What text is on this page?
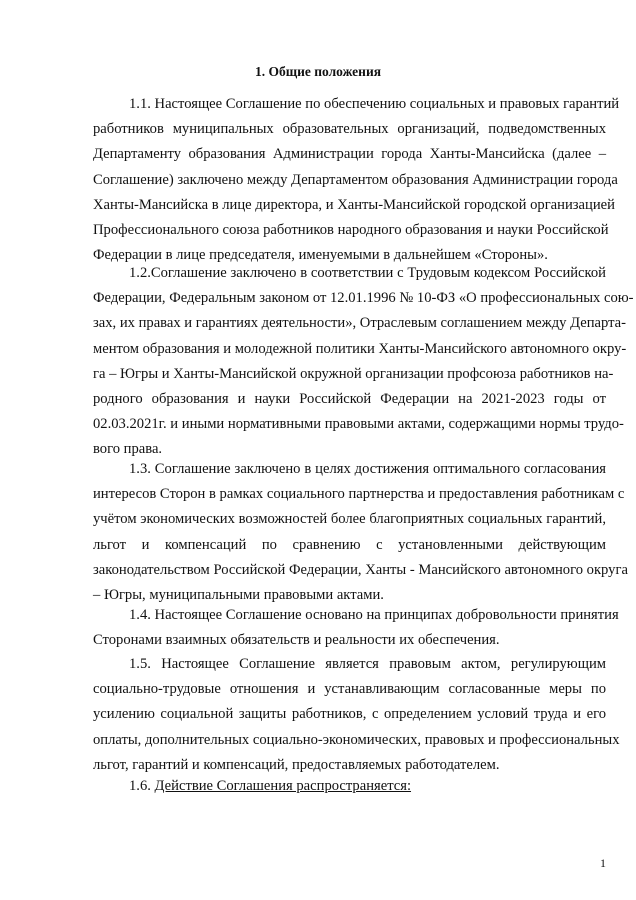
1. Общие положения
1.1. Настоящее Соглашение по обеспечению социальных и правовых гарантий
работников муниципальных образовательных организаций, подведомственных
Департаменту образования Администрации города Ханты-Мансийска (далее –
Соглашение) заключено между Департаментом образования Администрации города
Ханты-Мансийска в лице директора, и Ханты-Мансийской городской организацией
Профессионального союза работников народного образования и науки Российской
Федерации в лице председателя, именуемыми в дальнейшем «Стороны».
1.2.Соглашение заключено в соответствии с Трудовым кодексом Российской
Федерации, Федеральным законом от 12.01.1996 № 10-ФЗ «О профессиональных сою-
зах, их правах и гарантиях деятельности», Отраслевым соглашением между Департа-
ментом образования и молодежной политики Ханты-Мансийского автономного окру-
га – Югры и Ханты-Мансийской окружной организации профсоюза работников на-
родного образования и науки Российской Федерации на 2021-2023 годы от
02.03.2021г. и иными нормативными правовыми актами, содержащими нормы трудо-
вого права.
1.3. Соглашение заключено в целях достижения оптимального согласования
интересов Сторон в рамках социального партнерства и предоставления работникам с
учётом экономических возможностей более благоприятных социальных гарантий,
льгот и компенсаций по сравнению с установленными действующим
законодательством Российской Федерации, Ханты - Мансийского автономного округа
– Югры, муниципальными правовыми актами.
1.4. Настоящее Соглашение основано на принципах добровольности принятия
Сторонами взаимных обязательств и реальности их обеспечения.
1.5. Настоящее Соглашение является правовым актом, регулирующим
социально-трудовые отношения и устанавливающим согласованные меры по
усилению социальной защиты работников, с определением условий труда и его
оплаты, дополнительных социально-экономических, правовых и профессиональных
льгот, гарантий и компенсаций, предоставляемых работодателем.
1.6. Действие Соглашения распространяется:
1
